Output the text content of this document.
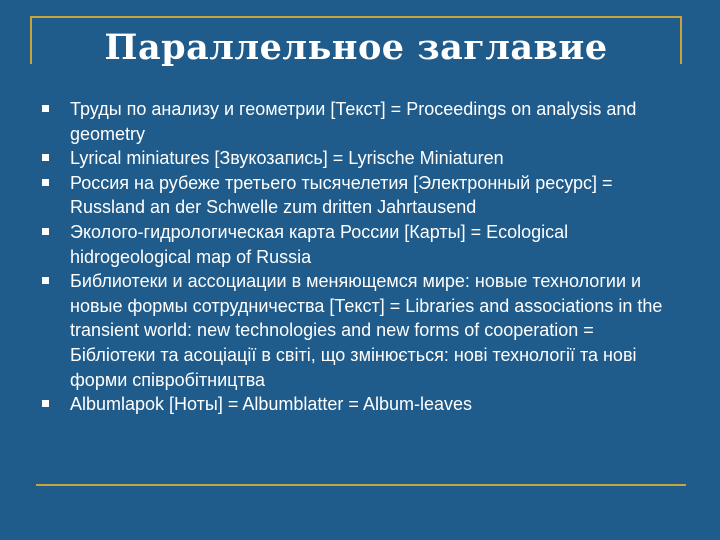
Параллельное заглавие
Труды по анализу и геометрии [Текст] = Proceedings on analysis and geometry
Lyrical miniatures [Звукозапись] = Lyrische Miniaturen
Россия на рубеже третьего тысячелетия [Электронный ресурс] = Russland an der Schwelle zum dritten Jahrtausend
Эколого-гидрологическая карта России [Карты] = Ecological hidrogeological map of Russia
Библиотеки и ассоциации в меняющемся мире: новые технологии и новые формы сотрудничества [Текст] = Libraries and associations in the transient world: new technologies and new forms of cooperation = Бібліотеки та асоціації в світі, що змінюється: нові технології та нові форми співробітництва
Albumlapok [Ноты] = Albumblatter = Album-leaves
